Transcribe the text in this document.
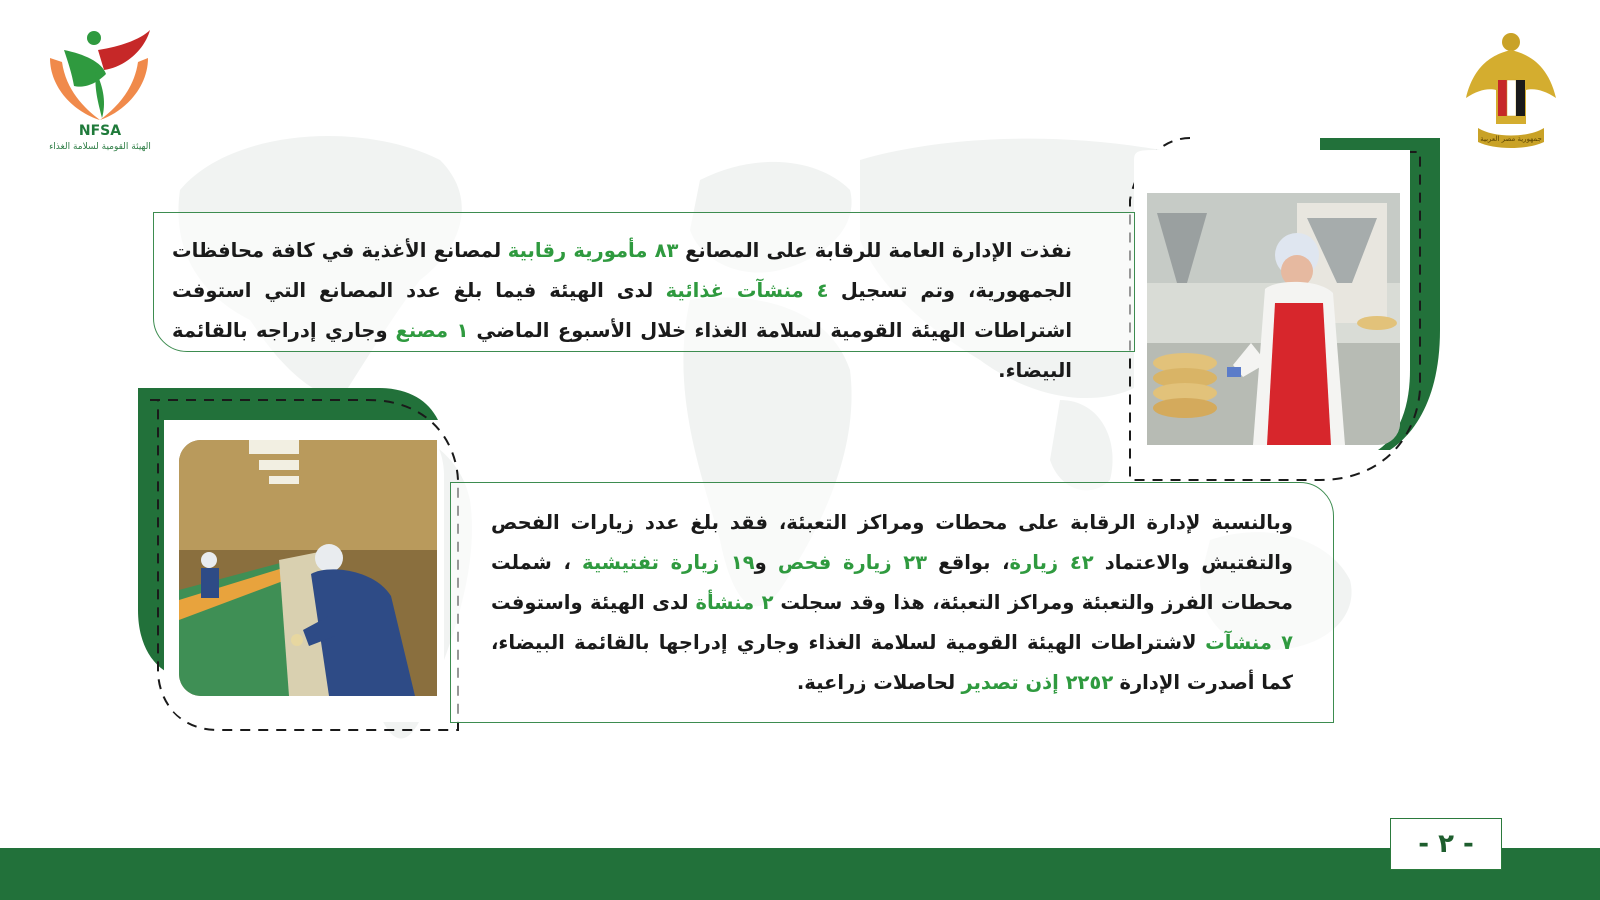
NFSA
الهيئة القومية لسلامة الغذاء
جمهورية مصر العربية
نفذت الإدارة العامة للرقابة على المصانع ٨٣ مأمورية رقابية لمصانع الأغذية في كافة محافظات الجمهورية، وتم تسجيل ٤ منشآت غذائية لدى الهيئة فيما بلغ عدد المصانع التي استوفت اشتراطات الهيئة القومية لسلامة الغذاء خلال الأسبوع الماضي ١ مصنع وجاري إدراجه بالقائمة البيضاء.
وبالنسبة لإدارة الرقابة على محطات ومراكز التعبئة، فقد بلغ عدد زيارات الفحص والتفتيش والاعتماد ٤٢ زيارة، بواقع ٢٣ زيارة فحص و١٩ زيارة تفتيشية ، شملت محطات الفرز والتعبئة ومراكز التعبئة، هذا وقد سجلت ٢ منشأة لدى الهيئة واستوفت ٧ منشآت لاشتراطات الهيئة القومية لسلامة الغذاء وجاري إدراجها بالقائمة البيضاء، كما أصدرت الإدارة ٢٢٥٢ إذن تصدير لحاصلات زراعية.
- ٢ -
